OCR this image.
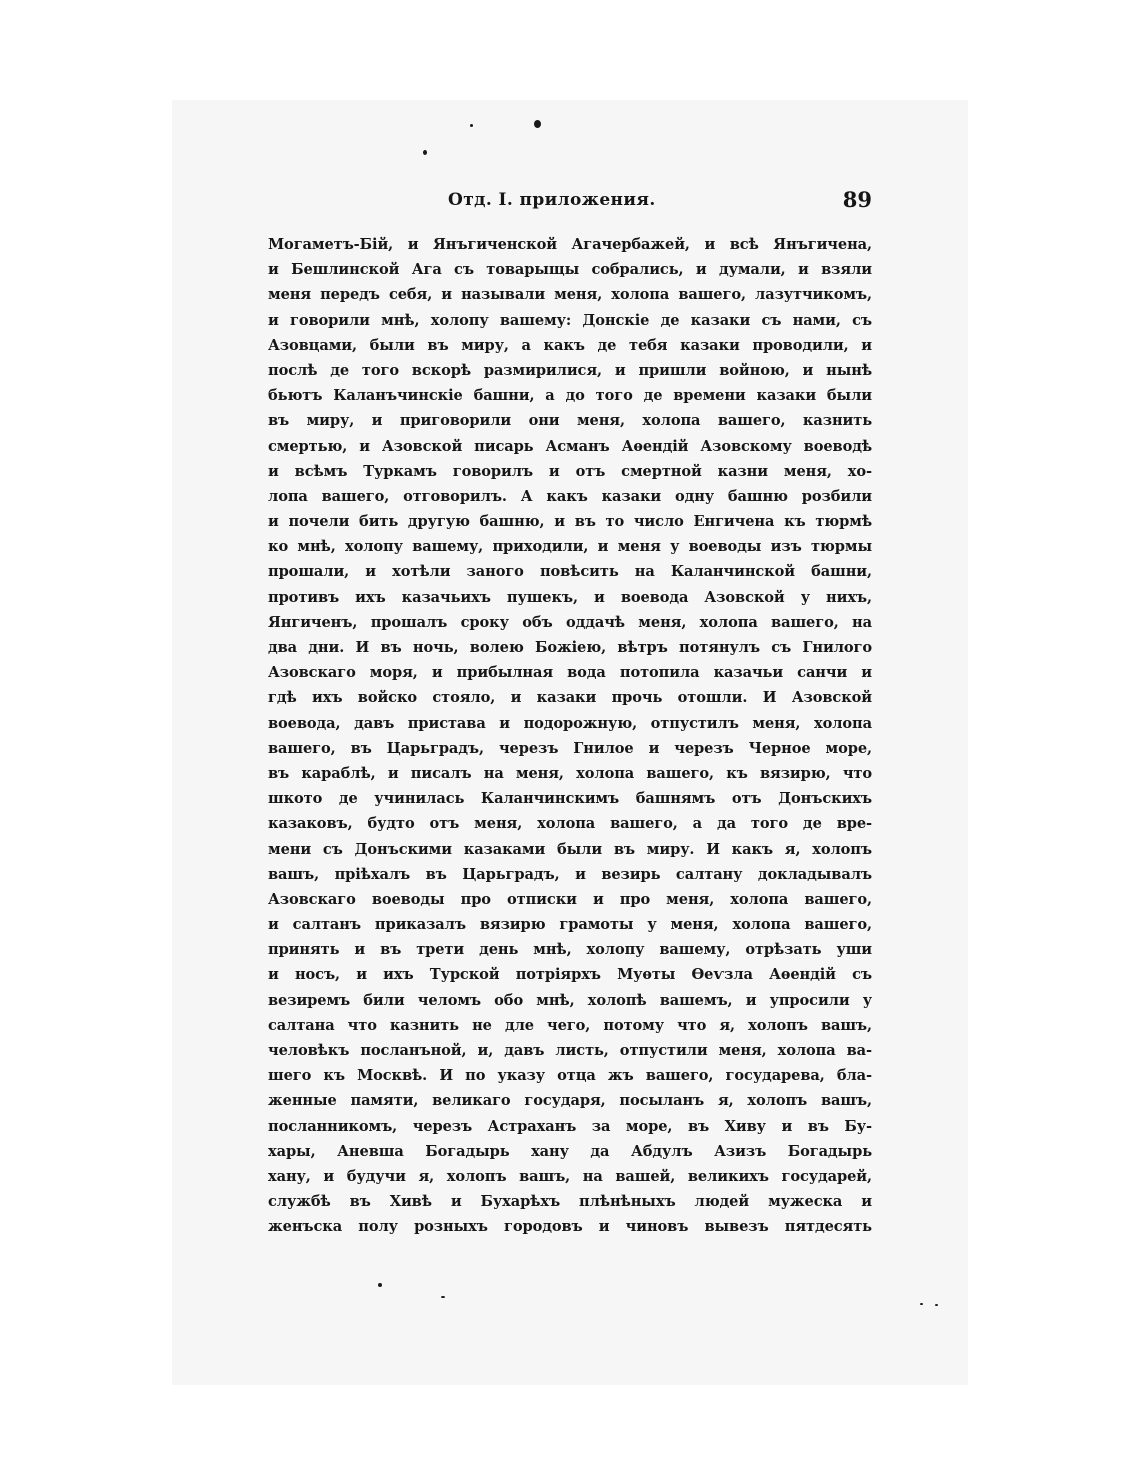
Отд. I. приложения.	89
Могаметъ-Бій, и Янъгиченской Агачербажей, и всѣ Янъгичена,
и Бешлинской Ага съ товарыщы собрались, и думали, и взяли
меня передъ себя, и называли меня, холопа вашего, лазутчикомъ,
и говорили мнѣ, холопу вашему: Донскіе де казаки съ нами, съ
Азовцами, были въ миру, а какъ де тебя казаки проводили, и
послѣ де того вскорѣ размирилися, и пришли войною, и нынѣ
бьютъ Каланъчинскіе башни, а до того де времени казаки были
въ миру, и приговорили они меня, холопа вашего, казнить
смертью, и Азовской писарь Асманъ Аѳендій Азовскому воеводѣ
и всѣмъ Туркамъ говорилъ и отъ смертной казни меня, хо-
лопа вашего, отговорилъ. А какъ казаки одну башню розбили
и почели бить другую башню, и въ то число Енгичена къ тюрмѣ
ко мнѣ, холопу вашему, приходили, и меня у воеводы изъ тюрмы
прошали, и хотѣли заного повѣсить на Каланчинской башни,
противъ ихъ казачьихъ пушекъ, и воевода Азовской у нихъ,
Янгиченъ, прошалъ сроку объ оддачѣ меня, холопа вашего, на
два дни. И въ ночь, волею Божіею, вѣтръ потянулъ съ Гнилого
Азовскаго моря, и прибылная вода потопила казачьи санчи и
гдѣ ихъ войско стояло, и казаки прочь отошли. И Азовской
воевода, давъ пристава и подорожную, отпустилъ меня, холопа
вашего, въ Царьградъ, черезъ Гнилое и черезъ Черное море,
въ караблѣ, и писалъ на меня, холопа вашего, къ вязирю, что
шкото де учинилась Каланчинскимъ башнямъ отъ Донъскихъ
казаковъ, будто отъ меня, холопа вашего, а да того де вре-
мени съ Донъскими казаками были въ миру. И какъ я, холопъ
вашъ, пріѣхалъ въ Царьградъ, и везирь салтану докладывалъ
Азовскаго воеводы про отписки и про меня, холопа вашего,
и салтанъ приказалъ вязирю грамоты у меня, холопа вашего,
принять и въ трети день мнѣ, холопу вашему, отрѣзать уши
и носъ, и ихъ Турской потріярхъ Муѳты Ѳеѵзла Аѳендій съ
везиремъ били челомъ обо мнѣ, холопѣ вашемъ, и упросили у
салтана что казнить не дле чего, потому что я, холопъ вашъ,
человѣкъ посланъной, и, давъ листь, отпустили меня, холопа ва-
шего къ Москвѣ. И по указу отца жъ вашего, государева, бла-
женные памяти, великаго государя, посыланъ я, холопъ вашъ,
посланникомъ, черезъ Астраханъ за море, въ Хиву и въ Бу-
хары, Аневша Богадырь хану да Абдулъ Азизъ Богадырь
хану, и будучи я, холопъ вашъ, на вашей, великихъ государей,
службѣ въ Хивѣ и Бухарѣхъ плѣнѣныхъ людей мужеска и
женъска полу розныхъ городовъ и чиновъ вывезъ пятдесять
